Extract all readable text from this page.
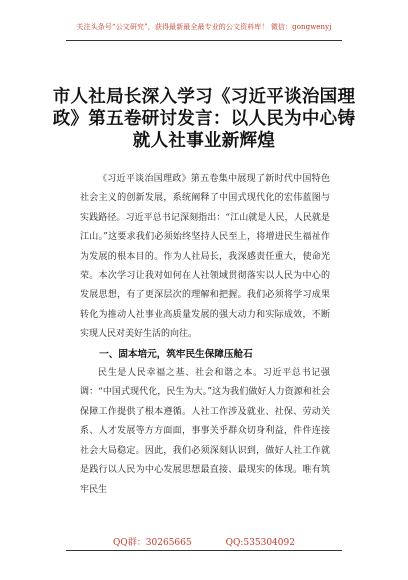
关注头条号“公文研究”，获得最新最全最专业的公文资料库！ 微信：gongwenyj
市人社局长深入学习《习近平谈治国理政》第五卷研讨发言：以人民为中心铸就人社事业新辉煌

《习近平谈治国理政》第五卷集中展现了新时代中国特色社会主义的创新发展，系统阐释了中国式现代化的宏伟蓝图与实践路径。习近平总书记深刻指出：“江山就是人民，人民就是江山。”这要求我们必须始终坚持人民至上，将增进民生福祉作为发展的根本目的。作为人社局长，我深感责任重大，使命光荣。本次学习让我对如何在人社领域贯彻落实以人民为中心的发展思想，有了更深层次的理解和把握。我们必须将学习成果转化为推动人社事业高质量发展的强大动力和实际成效，不断实现人民对美好生活的向往。

一、固本培元，筑牢民生保障压舱石

民生是人民幸福之基、社会和谐之本。习近平总书记强调：“中国式现代化，民生为大。”这为我们做好人力资源和社会保障工作提供了根本遵循。人社工作涉及就业、社保、劳动关系、人才发展等方方面面，事事关乎群众切身利益，件件连接社会大局稳定。因此，我们必须深刻认识到，做好人社工作就是践行以人民为中心发展思想最直接、最现实的体现。唯有筑牢民生

QQ群：30265665	QQ:535304092
